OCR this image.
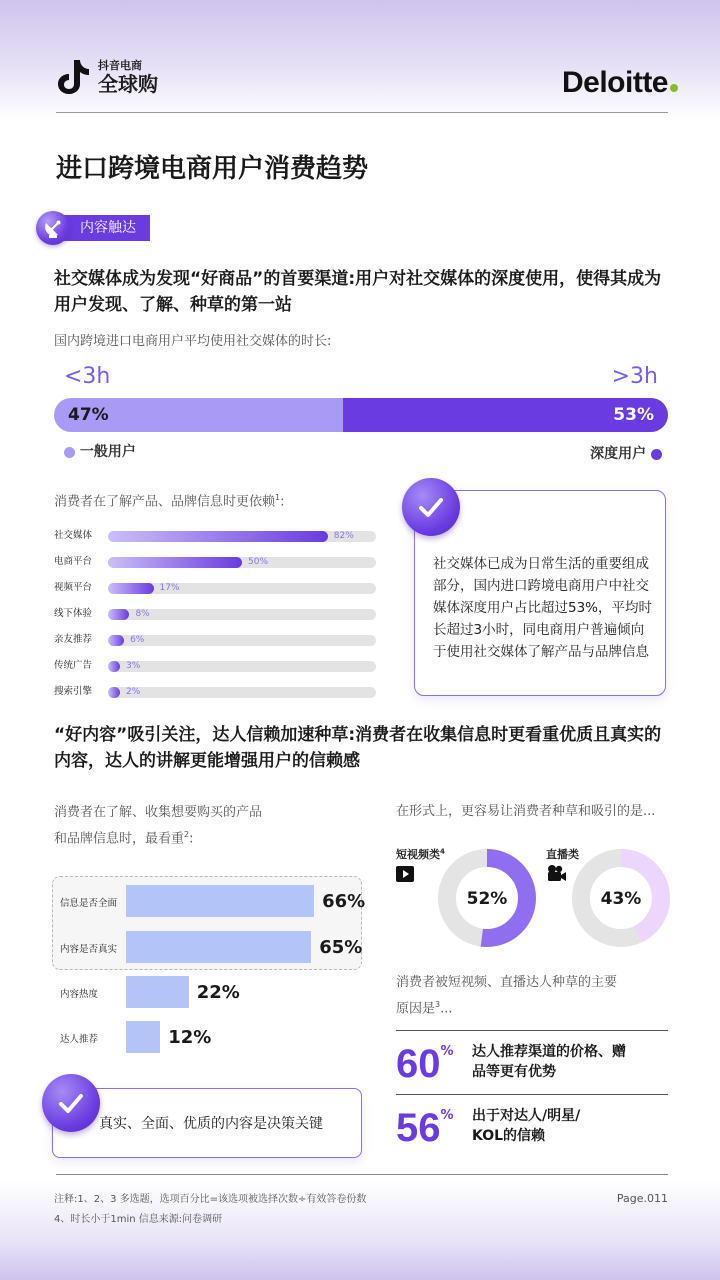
抖音电商
全球购	Deloitte
进口跨境电商用户消费趋势
内容触达
社交媒体成为发现“好商品”的首要渠道:用户对社交媒体的深度使用，使得其成为用户发现、了解、种草的第一站
国内跨境进口电商用户平均使用社交媒体的时长:
<3h	>3h
47%	53%
一般用户	深度用户
消费者在了解产品、品牌信息时更依赖$^1$:
社交媒体	82%
电商平台	50%
视频平台	17%
线下体验	8%
亲友推荐	6%
传统广告	3%
搜索引擎	2%
社交媒体已成为日常生活的重要组成部分，国内进口跨境电商用户中社交媒体深度用户占比超过53%，平均时长超过3小时，同电商用户普遍倾向于使用社交媒体了解产品与品牌信息
“好内容”吸引关注，达人信赖加速种草:消费者在收集信息时更看重优质且真实的内容，达人的讲解更能增强用户的信赖感
消费者在了解、收集想要购买的产品
和品牌信息时，最看重$^2$:
信息是否全面	66%
内容是否真实	65%
内容热度	22%
达人推荐	12%
真实、全面、优质的内容是决策关键
在形式上，更容易让消费者种草和吸引的是...
短视频类$^4$	直播类
52%	43%
消费者被短视频、直播达人种草的主要
原因是$^3$...
60% 达人推荐渠道的价格、赠
品等更有优势
56% 出于对达人/明星/
KOL的信赖
注释:1、2、3 多选题，选项百分比=该选项被选择次数÷有效答卷份数
4、时长小于1min 信息来源:问卷调研
Page.011
